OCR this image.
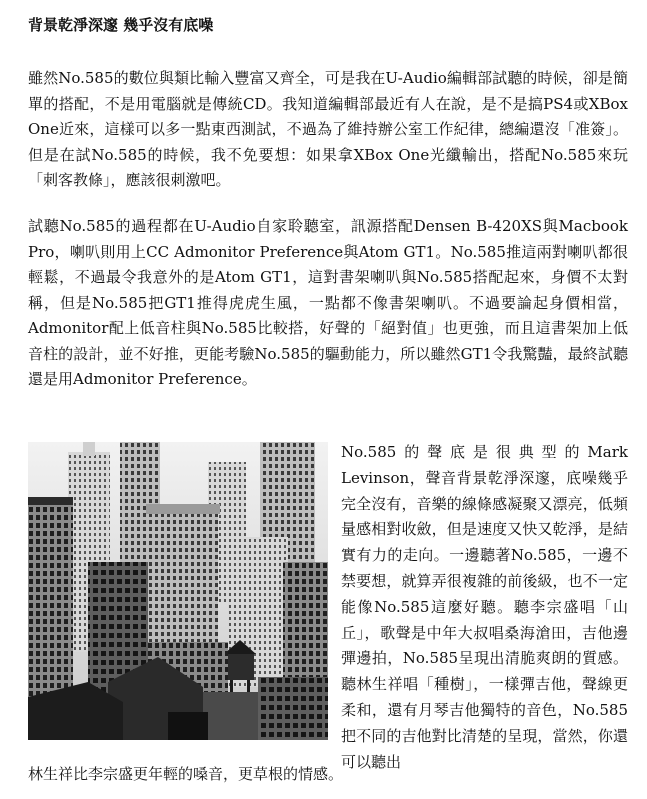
背景乾淨深邃 幾乎沒有底噪
雖然No.585的數位與類比輸入豐富又齊全，可是我在U-Audio編輯部試聽的時候，卻是簡單的搭配，不是用電腦就是傳統CD。我知道編輯部最近有人在說，是不是搞PS4或XBox One近來，這樣可以多一點東西測試，不過為了維持辦公室工作紀律，總編還沒「准簽」。但是在試No.585的時候，我不免要想：如果拿XBox One光纖輸出，搭配No.585來玩「刺客教條」，應該很刺激吧。
試聽No.585的過程都在U-Audio自家聆聽室，訊源搭配Densen B-420XS與Macbook Pro，喇叭則用上CC Admonitor Preference與Atom GT1。No.585推這兩對喇叭都很輕鬆，不過最令我意外的是Atom GT1，這對書架喇叭與No.585搭配起來，身價不太對稱，但是No.585把GT1推得虎虎生風，一點都不像書架喇叭。不過要論起身價相當，Admonitor配上低音柱與No.585比較搭，好聲的「絕對值」也更強，而且這書架加上低音柱的設計，並不好推，更能考驗No.585的驅動能力，所以雖然GT1令我驚豔，最終試聽還是用Admonitor Preference。
No.585的聲底是很典型的Mark Levinson，聲音背景乾淨深邃，底噪幾乎完全沒有，音樂的線條感凝聚又漂亮，低頻量感相對收斂，但是速度又快又乾淨，是結實有力的走向。一邊聽著No.585，一邊不禁要想，就算弄很複雜的前後級，也不一定能像No.585這麼好聽。聽李宗盛唱「山丘」，歌聲是中年大叔唱桑海滄田，吉他邊彈邊拍，No.585呈現出清脆爽朗的質感。聽林生祥唱「種樹」，一樣彈吉他，聲線更柔和，還有月琴吉他獨特的音色，No.585把不同的吉他對比清楚的呈現，當然，你還可以聽出
林生祥比李宗盛更年輕的嗓音，更草根的情感。
